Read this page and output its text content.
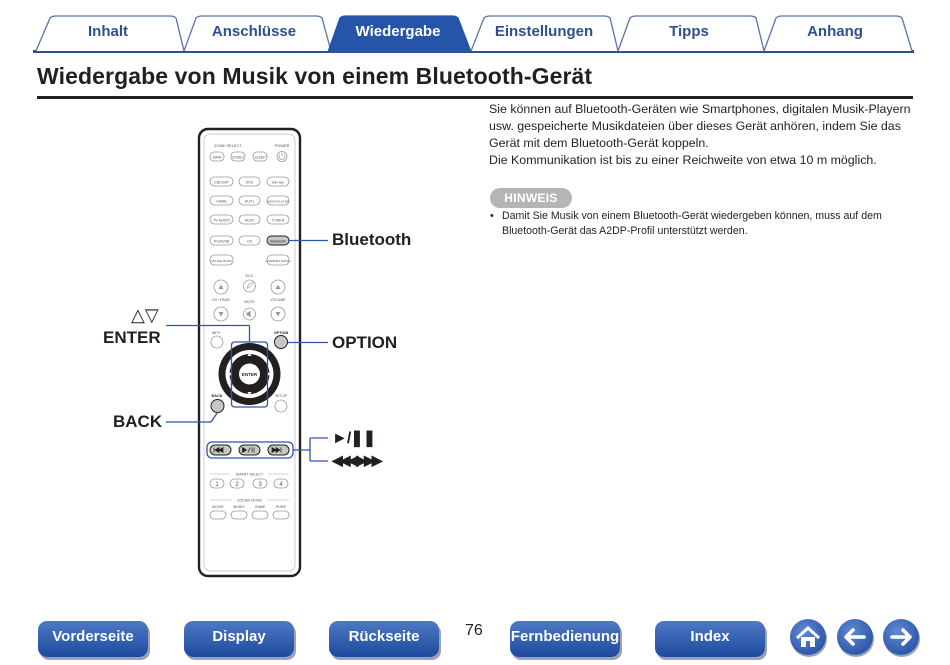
Inhalt	Anschlüsse	Wiedergabe	Einstellungen	Tipps	Anhang
Wiedergabe von Musik von einem Bluetooth-Gerät

Sie können auf Bluetooth-Geräten wie Smartphones, digitalen Musik-Playern usw. gespeicherte Musikdateien über dieses Gerät anhören, indem Sie das Gerät mit dem Bluetooth-Gerät koppeln.

Die Kommunikation ist bis zu einer Reichweite von etwa 10 m möglich.

HINWEIS
• Damit Sie Musik von einem Bluetooth-Gerät wiedergeben können, muss auf dem Bluetooth-Gerät das A2DP-Profil unterstützt werden.
ZONE SELECT	POWER
MAIN	ZONE2	SLEEP
CBL/SAT	DVD	Blu-ray
GAME	AUX1	MEDIA PLAYER
TV AUDIO	AUX2	TUNER
iPod/USB	CD	Bluetooth
ONLINE MUSIC	INTERNET RADIO
ECO
CH / PAGE	MUTE	VOLUME
INFO	OPTION
ENTER
BACK	SETUP
SMART SELECT
1	2	3	4
SOUND MODE
MOVIE	MUSIC	GAME	PURE
Bluetooth
△▽
ENTER	OPTION
BACK
►/❚❚
◀◀◀ ▶▶▶
Vorderseite	Display	Rückseite	76 Fernbedienung	Index
